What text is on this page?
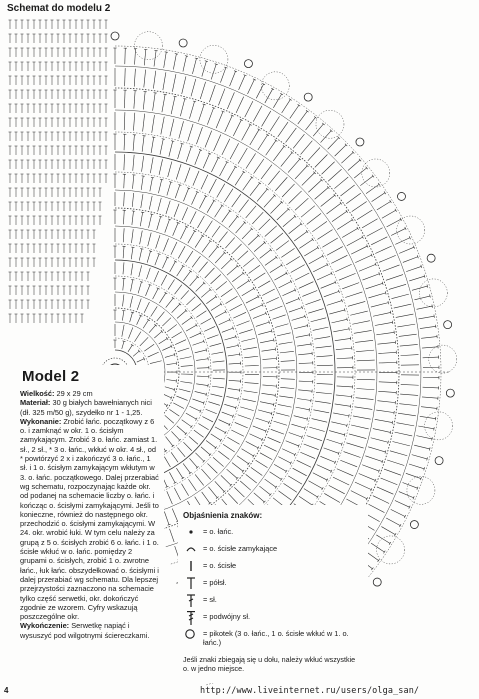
Schemat do modelu 2
Model 2

Wielkość: 29 x 29 cm

Materiał: 30 g białych bawełnianych nici (dł. 325 m/50 g), szydełko nr 1 - 1,25.

Wykonanie: Zrobić łańc. początkowy z 6 o. i zamknąć w okr. 1 o. ścisłym zamykającym. Zrobić 3 o. łańc. zamiast 1. sł., 2 sł., * 3 o. łańc., wkłuć w okr. 4 sł., od * powtórzyć 2 x i zakończyć 3 o. łańc., 1 sł. i 1 o. ścisłym zamykającym wkłutym w 3. o. łańc. początkowego. Dalej przerabiać wg schematu, rozpoczynając każde okr. od podanej na schemacie liczby o. łańc. i kończąc o. ścisłymi zamykającymi. Jeśli to konieczne, również do następnego okr. przechodzić o. ścisłymi zamykającymi. W 24. okr. wrobić łuki. W tym celu należy za grupą z 5 o. ścisłych zrobić 6 o. łańc. i 1 o. ścisłe wkłuć w o. łańc. pomiędzy 2 grupami o. ścisłych, zrobić 1 o. zwrotne łańc., łuk łańc. obszydełkować o. ścisłymi i dalej przerabiać wg schematu. Dla lepszej przejrzystości zaznaczono na schemacie tylko część serwetki, okr. dokończyć zgodnie ze wzorem. Cyfry wskazują poszczególne okr.

Wykończenie: Serwetkę napiąć i wysuszyć pod wilgotnymi ściereczkami.

Objaśnienia znaków:
= o. łańc.
= o. ścisłe zamykające
= o. ścisłe
= półsł.
= sł.
= podwójny sł.
= pikotek (3 o. łańc., 1 o. ścisłe wkłuć w 1. o. łańc.)
Jeśli znaki zbiegają się u dołu, należy wkłuć wszystkie o. w jedno miejsce.
4	http://www.liveinternet.ru/users/olga_san/
